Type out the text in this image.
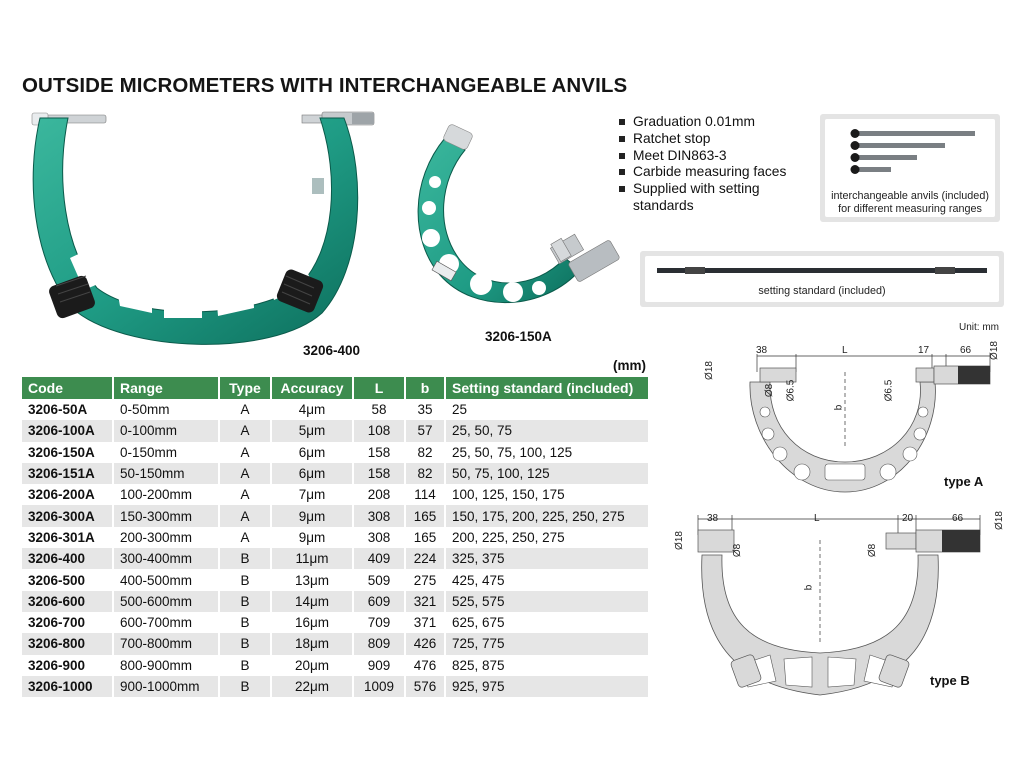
OUTSIDE MICROMETERS WITH INTERCHANGEABLE ANVILS
3206-400
3206-150A
Graduation 0.01mm
Ratchet stop
Meet DIN863-3
Carbide measuring faces
Supplied with setting standards
interchangeable anvils (included)
for different measuring ranges
setting standard (included)
(mm)
Code	Range	Type	Accuracy	L	b	Setting standard (included)
3206-50A	0-50mm	A	4μm	58	35	25
3206-100A	0-100mm	A	5μm	108	57	25, 50, 75
3206-150A	0-150mm	A	6μm	158	82	25, 50, 75, 100, 125
3206-151A	50-150mm	A	6μm	158	82	50, 75, 100, 125
3206-200A	100-200mm	A	7μm	208	114	100, 125, 150, 175
3206-300A	150-300mm	A	9μm	308	165	150, 175, 200, 225, 250, 275
3206-301A	200-300mm	A	9μm	308	165	200, 225, 250, 275
3206-400	300-400mm	B	11μm	409	224	325, 375
3206-500	400-500mm	B	13μm	509	275	425, 475
3206-600	500-600mm	B	14μm	609	321	525, 575
3206-700	600-700mm	B	16μm	709	371	625, 675
3206-800	700-800mm	B	18μm	809	426	725, 775
3206-900	800-900mm	B	20μm	909	476	825, 875
3206-1000	900-1000mm	B	22μm	1009	576	925, 975
Unit: mm
38	L	17	66
Ø18
Ø18
Ø8 Ø6.5	Ø6.5
b
type A
38	L	20	66
Ø18
Ø18
Ø8	Ø8
b
type B
